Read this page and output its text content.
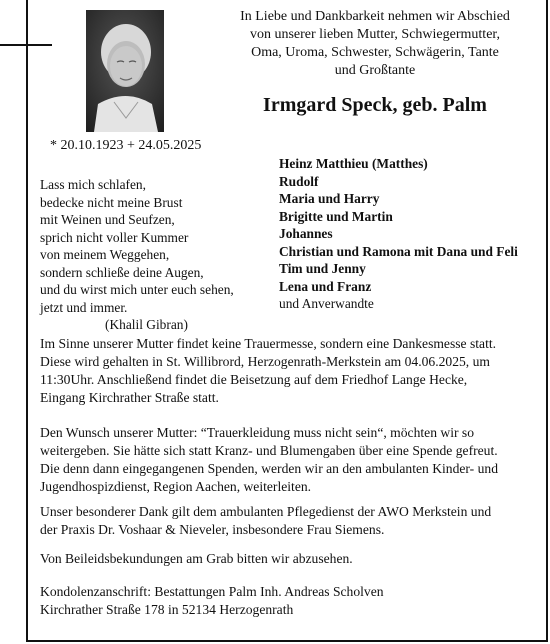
* 20.10.1923 + 24.05.2025
In Liebe und Dankbarkeit nehmen wir Abschied
von unserer lieben Mutter, Schwiegermutter,
Oma, Uroma, Schwester, Schwägerin, Tante
und Großtante
Irmgard Speck, geb. Palm
Lass mich schlafen,
bedecke nicht meine Brust
mit Weinen und Seufzen,
sprich nicht voller Kummer
von meinem Weggehen,
sondern schließe deine Augen,
und du wirst mich unter euch sehen,
jetzt und immer.
(Khalil Gibran)
Heinz Matthieu (Matthes)
Rudolf
Maria und Harry
Brigitte und Martin
Johannes
Christian und Ramona mit Dana und Feli
Tim und Jenny
Lena und Franz
und Anverwandte
Im Sinne unserer Mutter findet keine Trauermesse, sondern eine Dankesmesse statt.
Diese wird gehalten in St. Willibrord, Herzogenrath-Merkstein am 04.06.2025, um
11:30Uhr. Anschließend findet die Beisetzung auf dem Friedhof Lange Hecke,
Eingang Kirchrather Straße statt.
Den Wunsch unserer Mutter: “Trauerkleidung muss nicht sein“, möchten wir so
weitergeben. Sie hätte sich statt Kranz- und Blumengaben über eine Spende gefreut.
Die denn dann eingegangenen Spenden, werden wir an den ambulanten Kinder- und
Jugendhospizdienst, Region Aachen, weiterleiten.
Unser besonderer Dank gilt dem ambulanten Pflegedienst der AWO Merkstein und
der Praxis Dr. Voshaar & Nieveler, insbesondere Frau Siemens.
Von Beileidsbekundungen am Grab bitten wir abzusehen.
Kondolenzanschrift: Bestattungen Palm Inh. Andreas Scholven
Kirchrather Straße 178 in 52134 Herzogenrath
